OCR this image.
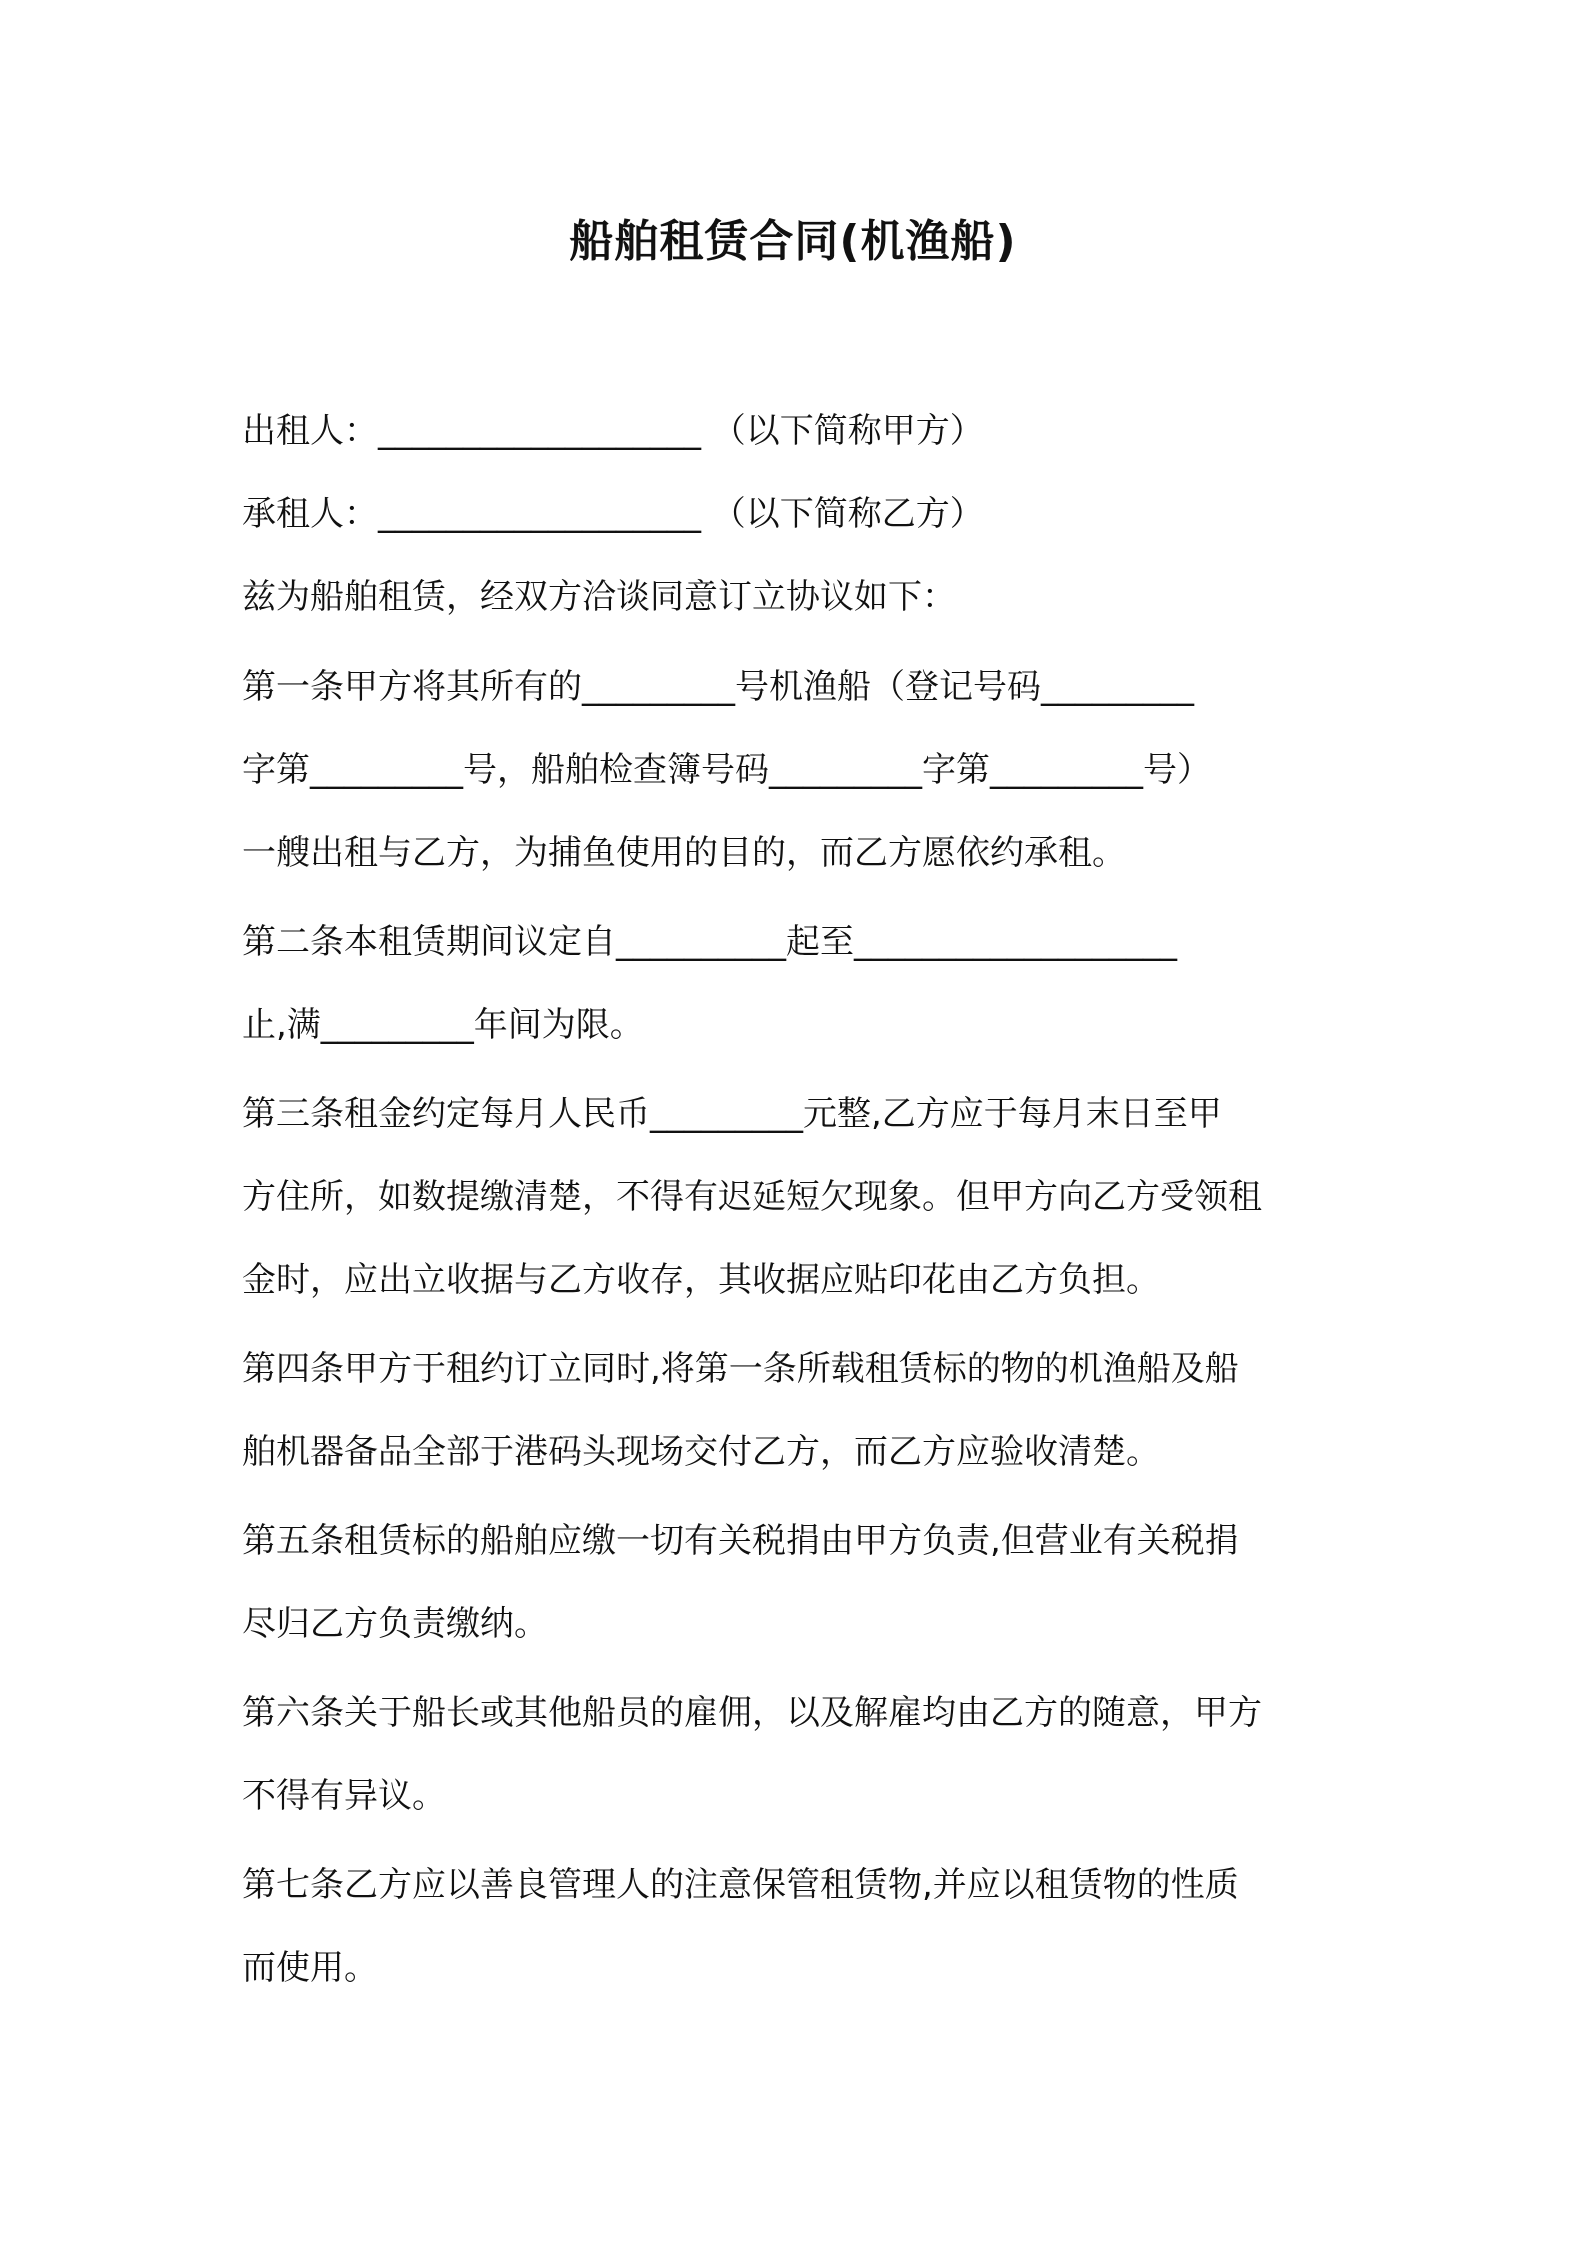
船舶租赁合同(机渔船)
出租人：___________________ （以下简称甲方）
承租人：___________________ （以下简称乙方）
兹为船舶租赁，经双方洽谈同意订立协议如下：
第一条甲方将其所有的_________号机渔船（登记号码_________
字第_________号，船舶检查簿号码_________字第_________号）
一艘出租与乙方，为捕鱼使用的目的，而乙方愿依约承租。
第二条本租赁期间议定自__________起至___________________
止,满_________年间为限。
第三条租金约定每月人民币_________元整,乙方应于每月末日至甲
方住所，如数提缴清楚，不得有迟延短欠现象。但甲方向乙方受领租
金时，应出立收据与乙方收存，其收据应贴印花由乙方负担。
第四条甲方于租约订立同时,将第一条所载租赁标的物的机渔船及船
舶机器备品全部于港码头现场交付乙方，而乙方应验收清楚。
第五条租赁标的船舶应缴一切有关税捐由甲方负责,但营业有关税捐
尽归乙方负责缴纳。
第六条关于船长或其他船员的雇佣，以及解雇均由乙方的随意，甲方
不得有异议。
第七条乙方应以善良管理人的注意保管租赁物,并应以租赁物的性质
而使用。
